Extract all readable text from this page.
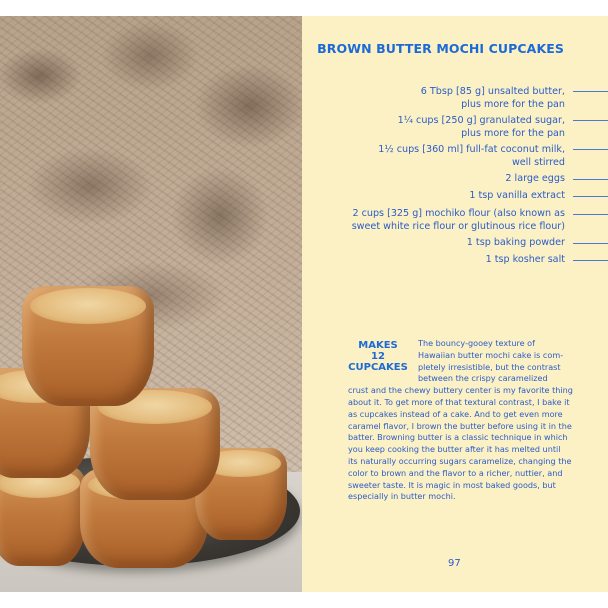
BROWN BUTTER MOCHI CUPCAKES
6 Tbsp [85 g] unsalted butter,
plus more for the pan
1¼ cups [250 g] granulated sugar,
plus more for the pan
1½ cups [360 ml] full-fat coconut milk,
well stirred
2 large eggs
1 tsp vanilla extract
2 cups [325 g] mochiko flour (also known as
sweet white rice flour or glutinous rice flour)
1 tsp baking powder
1 tsp kosher salt
MAKES
12
CUPCAKES
The bouncy-gooey texture of
Hawaiian butter mochi cake is com-
pletely irresistible, but the contrast
between the crispy caramelized
crust and the chewy buttery center is my favorite thing
about it. To get more of that textural contrast, I bake it
as cupcakes instead of a cake. And to get even more
caramel flavor, I brown the butter before using it in the
batter. Browning butter is a classic technique in which
you keep cooking the butter after it has melted until
its naturally occurring sugars caramelize, changing the
color to brown and the flavor to a richer, nuttier, and
sweeter taste. It is magic in most baked goods, but
especially in butter mochi.
97
